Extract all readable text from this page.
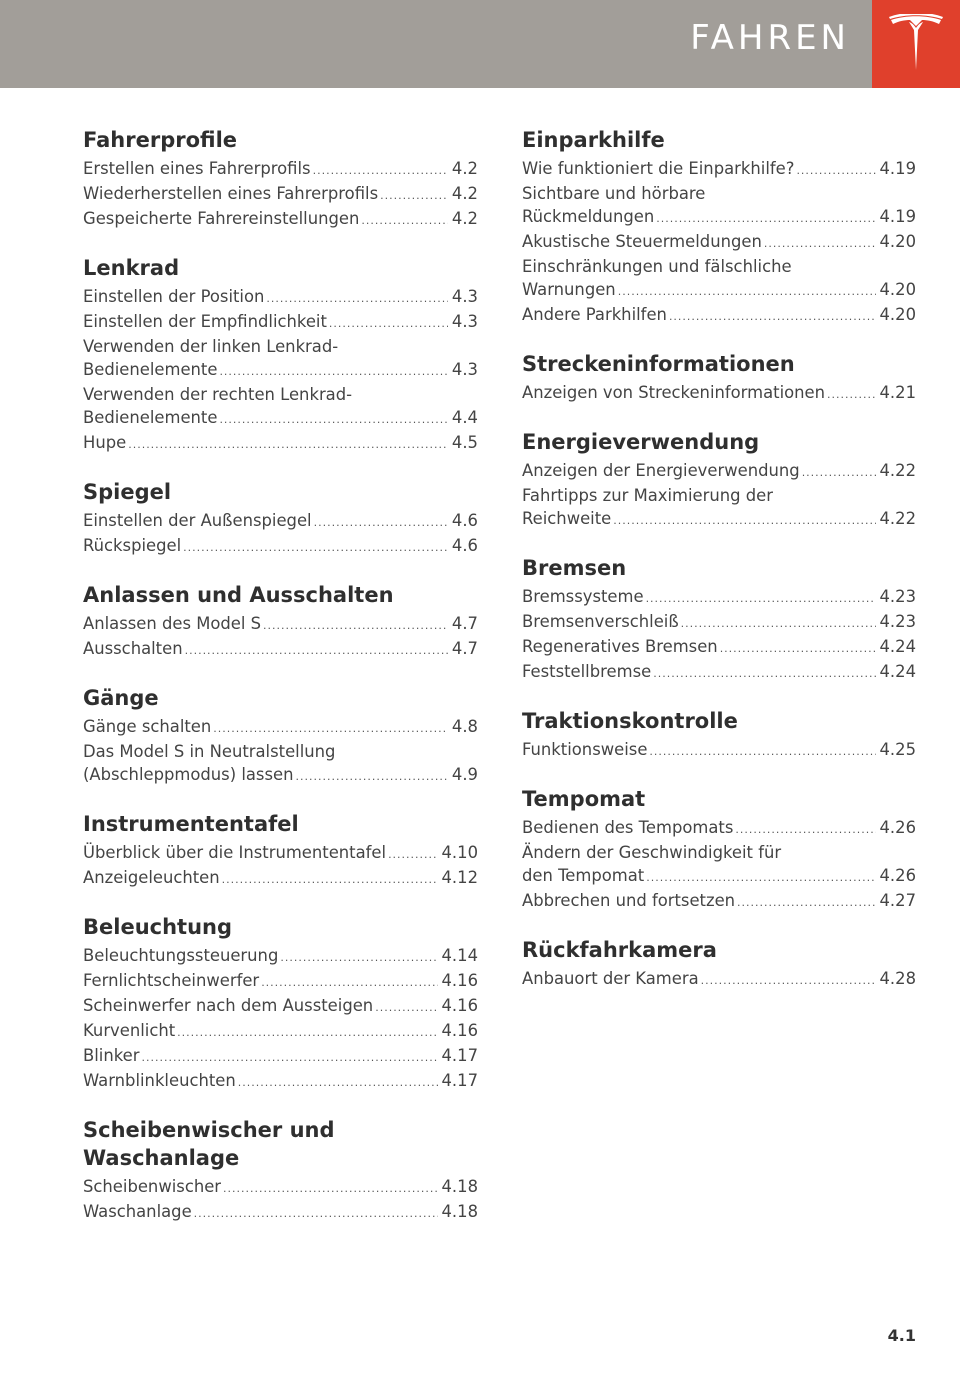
FAHREN
Fahrerprofile
Erstellen eines Fahrerprofils .....	4.2
Wiederherstellen eines Fahrerprofils .....	4.2
Gespeicherte Fahrereinstellungen .....	4.2
Lenkrad
Einstellen der Position .....	4.3
Einstellen der Empfindlichkeit .....	4.3
Verwenden der linken Lenkrad-
Bedienelemente .....	4.3
Verwenden der rechten Lenkrad-
Bedienelemente .....	4.4
Hupe .....	4.5
Spiegel
Einstellen der Außenspiegel .....	4.6
Rückspiegel .....	4.6
Anlassen und Ausschalten
Anlassen des Model S .....	4.7
Ausschalten .....	4.7
Gänge
Gänge schalten .....	4.8
Das Model S in Neutralstellung
(Abschleppmodus) lassen .....	4.9
Instrumententafel
Überblick über die Instrumententafel .....	4.10
Anzeigeleuchten .....	4.12
Beleuchtung
Beleuchtungssteuerung .....	4.14
Fernlichtscheinwerfer .....	4.16
Scheinwerfer nach dem Aussteigen .....	4.16
Kurvenlicht .....	4.16
Blinker .....	4.17
Warnblinkleuchten .....	4.17
Scheibenwischer und Waschanlage
Scheibenwischer .....	4.18
Waschanlage .....	4.18
Einparkhilfe
Wie funktioniert die Einparkhilfe? .....	4.19
Sichtbare und hörbare
Rückmeldungen .....	4.19
Akustische Steuermeldungen .....	4.20
Einschränkungen und fälschliche
Warnungen .....	4.20
Andere Parkhilfen .....	4.20
Streckeninformationen
Anzeigen von Streckeninformationen .....	4.21
Energieverwendung
Anzeigen der Energieverwendung .....	4.22
Fahrtipps zur Maximierung der
Reichweite .....	4.22
Bremsen
Bremssysteme .....	4.23
Bremsenverschleiß .....	4.23
Regeneratives Bremsen .....	4.24
Feststellbremse .....	4.24
Traktionskontrolle
Funktionsweise .....	4.25
Tempomat
Bedienen des Tempomats .....	4.26
Ändern der Geschwindigkeit für
den Tempomat .....	4.26
Abbrechen und fortsetzen .....	4.27
Rückfahrkamera
Anbauort der Kamera .....	4.28
4.1
